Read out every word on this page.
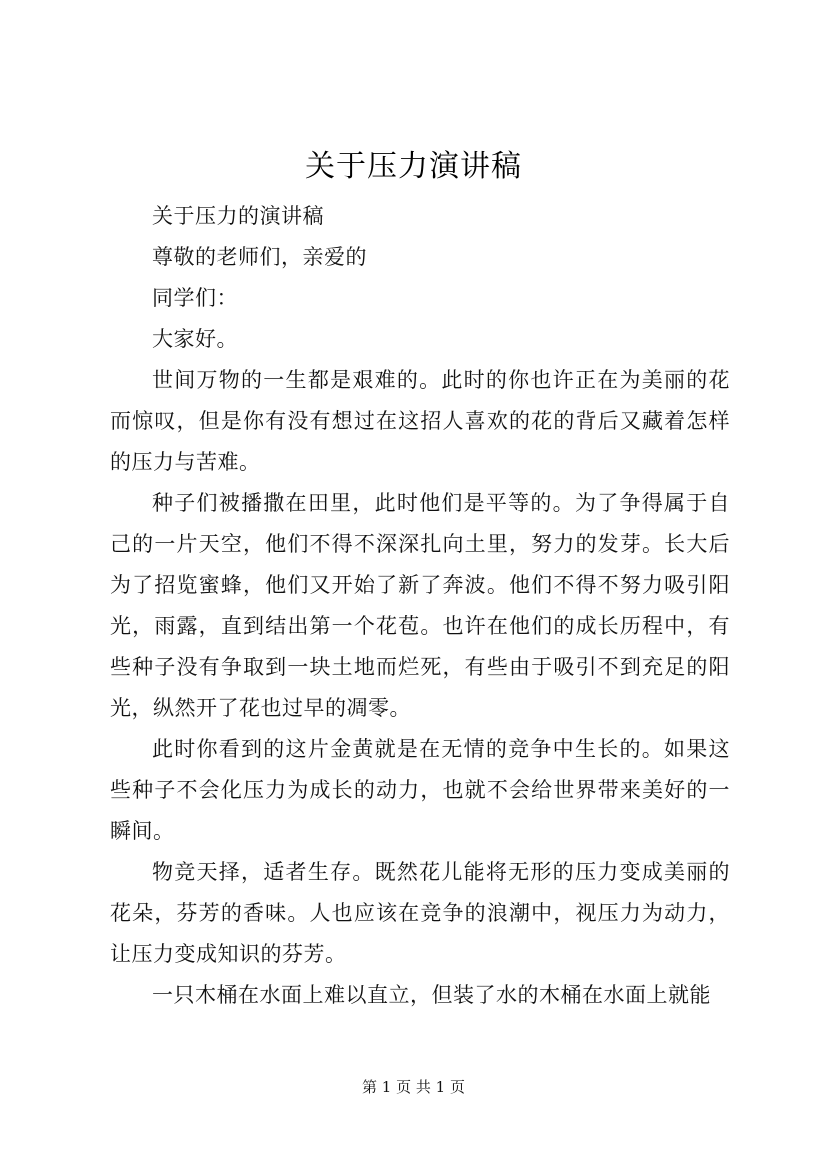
关于压力演讲稿

关于压力的演讲稿

尊敬的老师们，亲爱的

同学们：

大家好。

世间万物的一生都是艰难的。此时的你也许正在为美丽的花而惊叹，但是你有没有想过在这招人喜欢的花的背后又藏着怎样的压力与苦难。

种子们被播撒在田里，此时他们是平等的。为了争得属于自己的一片天空，他们不得不深深扎向土里，努力的发芽。长大后为了招览蜜蜂，他们又开始了新了奔波。他们不得不努力吸引阳光，雨露，直到结出第一个花苞。也许在他们的成长历程中，有些种子没有争取到一块土地而烂死，有些由于吸引不到充足的阳光，纵然开了花也过早的凋零。

此时你看到的这片金黄就是在无情的竞争中生长的。如果这些种子不会化压力为成长的动力，也就不会给世界带来美好的一瞬间。

物竞天择，适者生存。既然花儿能将无形的压力变成美丽的花朵，芬芳的香味。人也应该在竞争的浪潮中，视压力为动力，让压力变成知识的芬芳。

一只木桶在水面上难以直立，但装了水的木桶在水面上就能

第 1 页 共 1 页
